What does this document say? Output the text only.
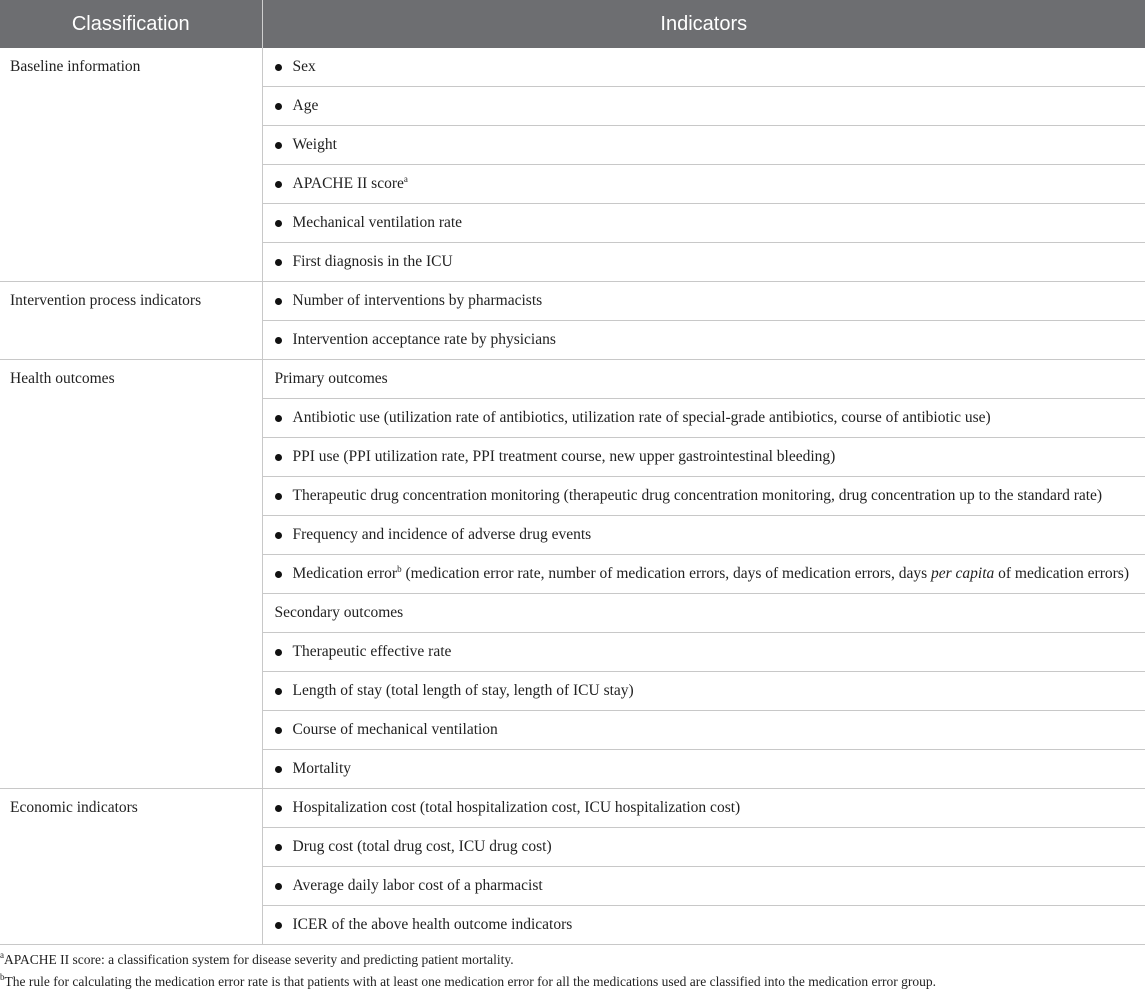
Classification	Indicators
Baseline information	Sex

	Age

	Weight

	APACHE II score$^a$

	Mechanical ventilation rate

	First diagnosis in the ICU

Intervention process indicators	Number of interventions by pharmacists

	Intervention acceptance rate by physicians

Health outcomes	Primary outcomes

	Antibiotic use (utilization rate of antibiotics, utilization rate of special-grade antibiotics, course of antibiotic use)

	PPI use (PPI utilization rate, PPI treatment course, new upper gastrointestinal bleeding)

	Therapeutic drug concentration monitoring (therapeutic drug concentration monitoring, drug concentration up to the standard rate)

	Frequency and incidence of adverse drug events

	Medication error$^b$ (medication error rate, number of medication errors, days of medication errors, days per capita of medication errors)

	Secondary outcomes

	Therapeutic effective rate

	Length of stay (total length of stay, length of ICU stay)

	Course of mechanical ventilation

	Mortality

Economic indicators	Hospitalization cost (total hospitalization cost, ICU hospitalization cost)

	Drug cost (total drug cost, ICU drug cost)

	Average daily labor cost of a pharmacist

	ICER of the above health outcome indicators

$^a$APACHE II score: a classification system for disease severity and predicting patient mortality.

$^b$The rule for calculating the medication error rate is that patients with at least one medication error for all the medications used are classified into the medication error group.
